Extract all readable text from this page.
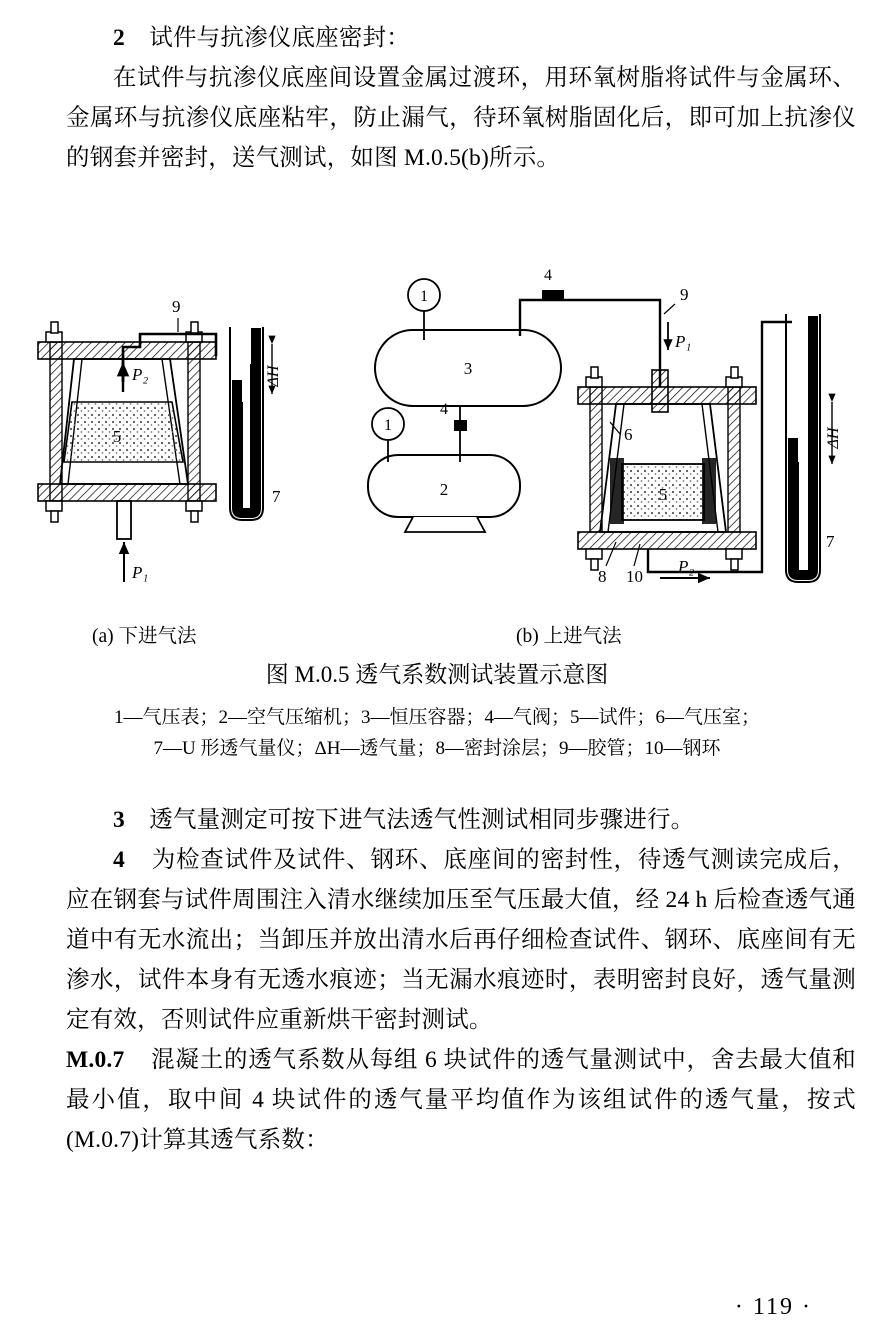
2 试件与抗渗仪底座密封：
在试件与抗渗仪底座间设置金属过渡环，用环氧树脂将试件与金属环、金属环与抗渗仪底座粘牢，防止漏气，待环氧树脂固化后，即可加上抗渗仪的钢套并密封，送气测试，如图 M.0.5(b)所示。
5
P₂
9
ΔH
7
P₁
3
1
2
1
4
4
9
P₁
6
5
8 10
P₂
ΔH
7
(a) 下进气法	(b) 上进气法
图 M.0.5 透气系数测试装置示意图
1—气压表；2—空气压缩机；3—恒压容器；4—气阀；5—试件；6—气压室；
7—U 形透气量仪；ΔH—透气量；8—密封涂层；9—胶管；10—钢环
3 透气量测定可按下进气法透气性测试相同步骤进行。
4 为检查试件及试件、钢环、底座间的密封性，待透气测读完成后，应在钢套与试件周围注入清水继续加压至气压最大值，经 24 h 后检查透气通道中有无水流出；当卸压并放出清水后再仔细检查试件、钢环、底座间有无渗水，试件本身有无透水痕迹；当无漏水痕迹时，表明密封良好，透气量测定有效，否则试件应重新烘干密封测试。
M.0.7 混凝土的透气系数从每组 6 块试件的透气量测试中，舍去最大值和最小值，取中间 4 块试件的透气量平均值作为该组试件的透气量，按式(M.0.7)计算其透气系数：
· 119 ·
